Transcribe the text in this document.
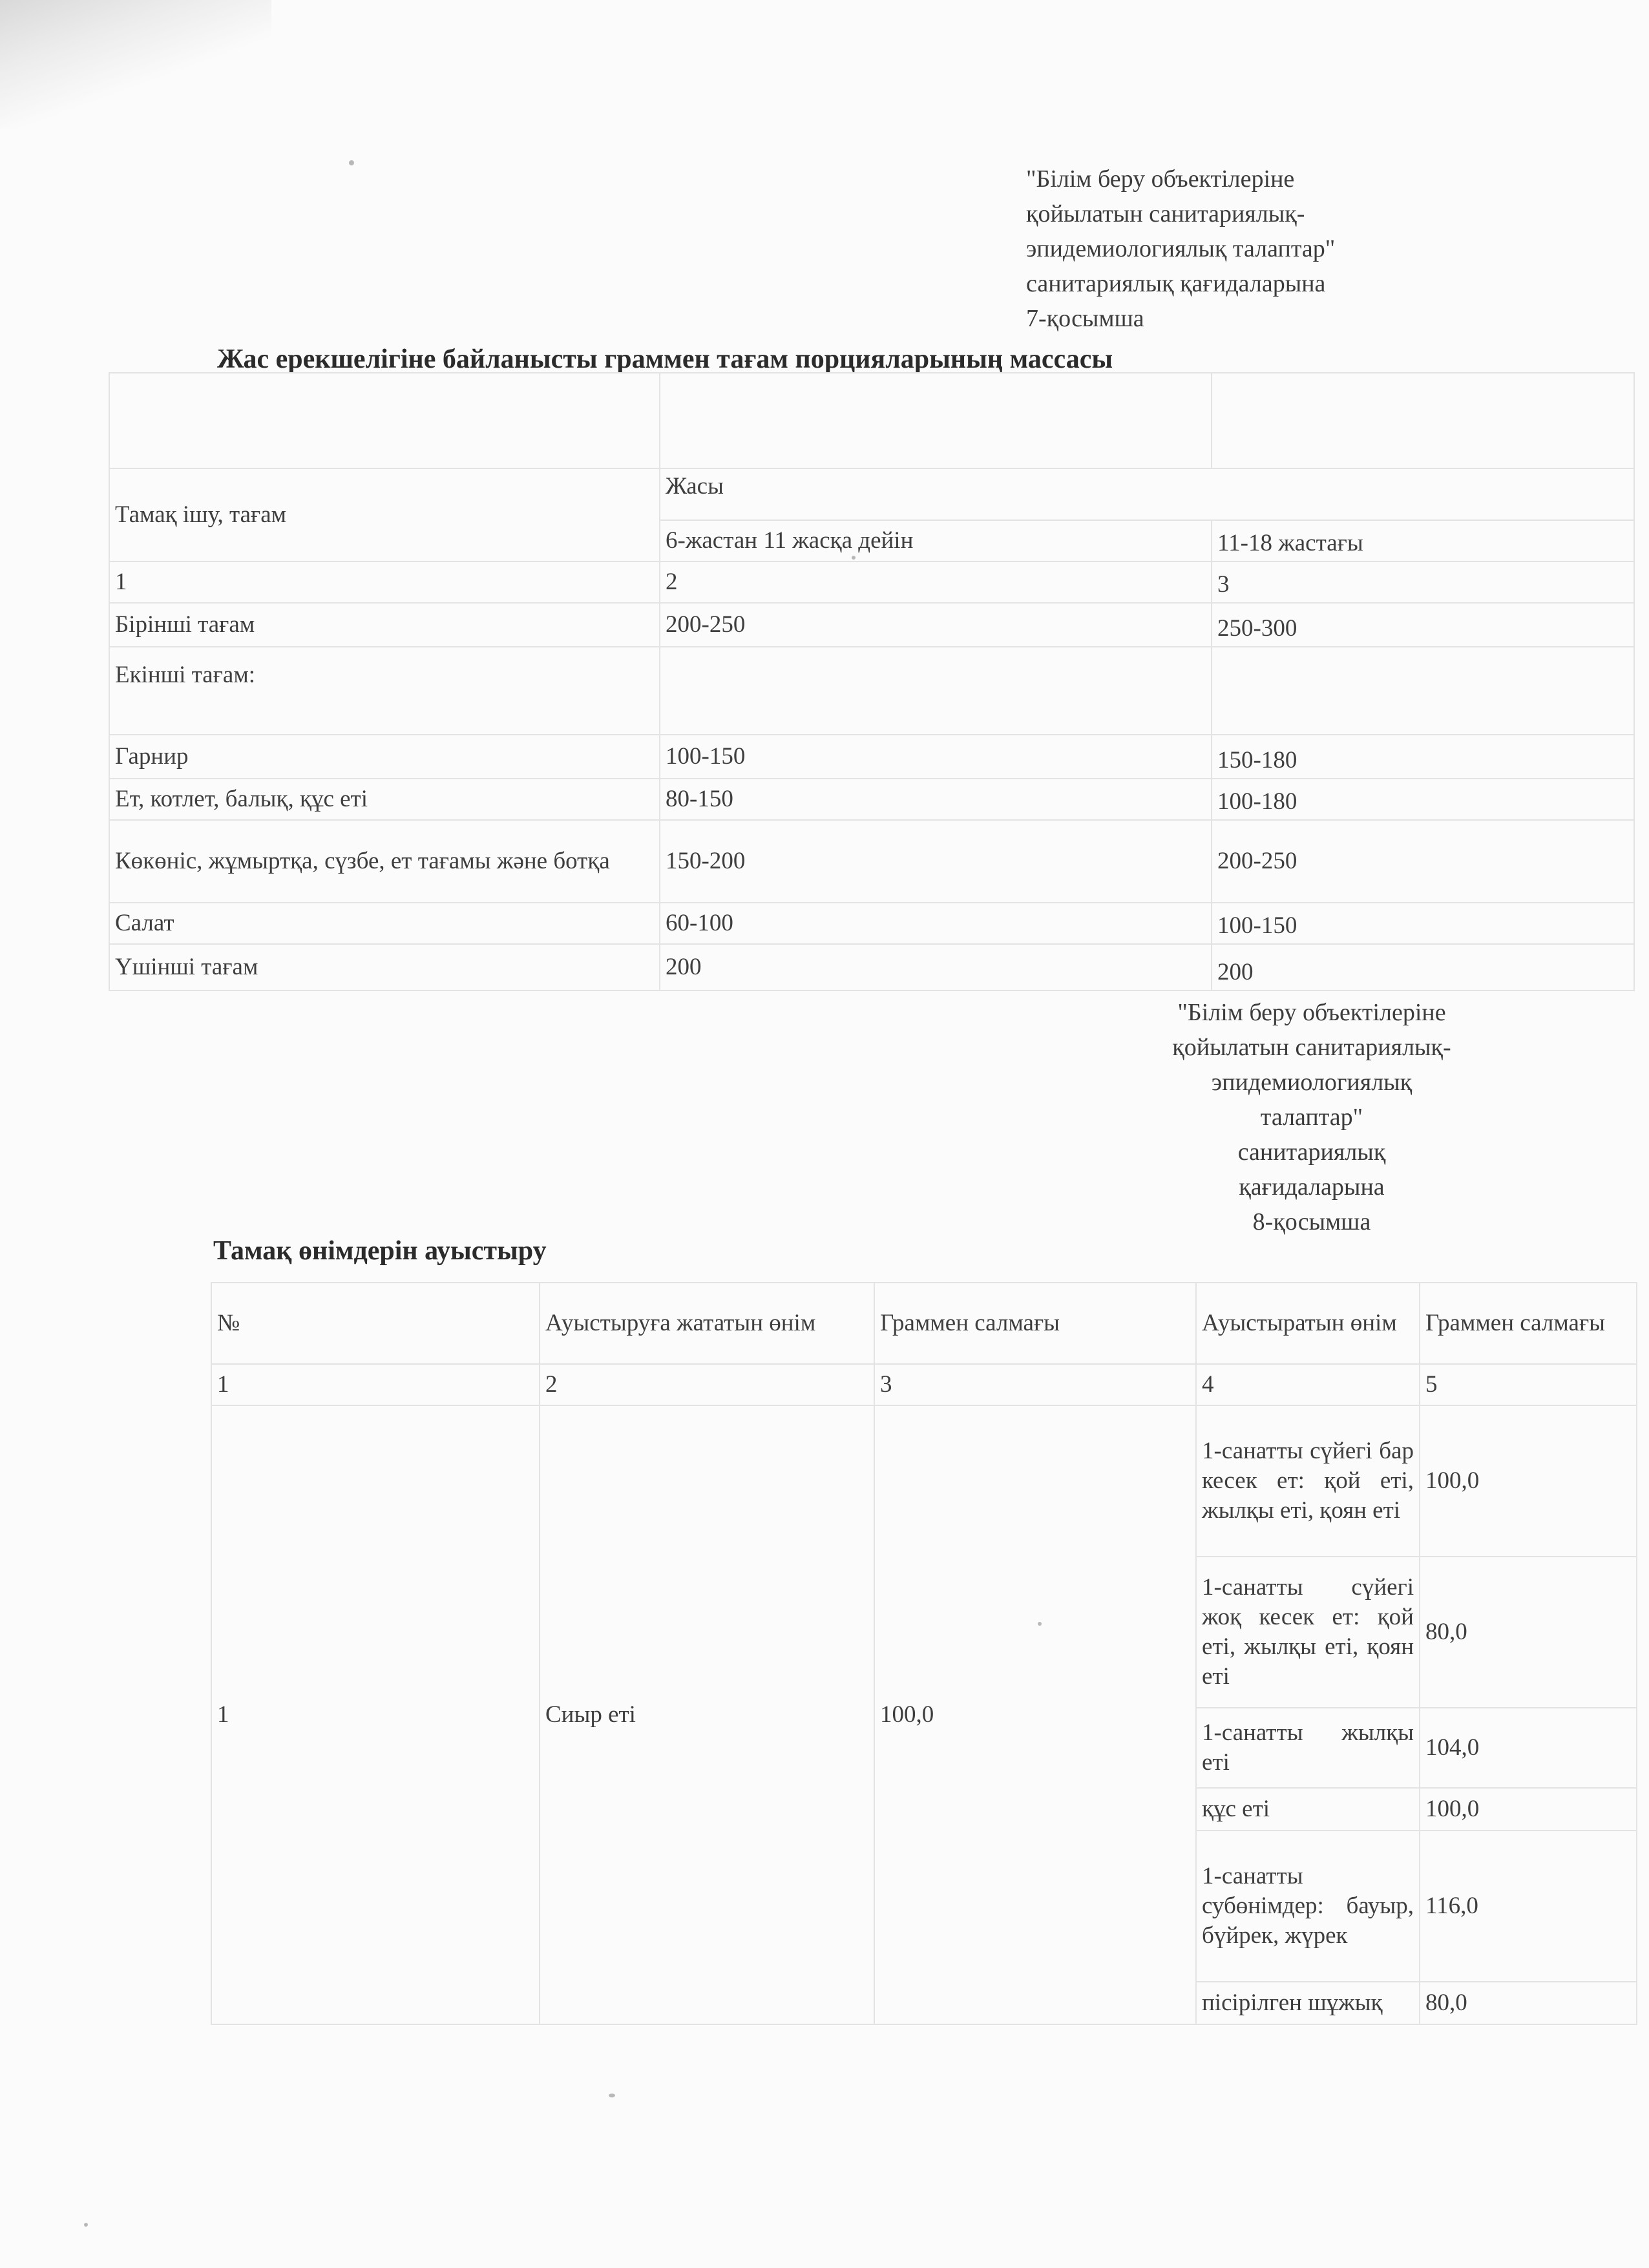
"Білім беру объектілеріне
қойылатын санитариялық-
эпидемиологиялық талаптар"
санитариялық қағидаларына
7-қосымша
Жас ерекшелігіне байланысты граммен тағам порцияларының массасы

Тамақ ішу, тағам	Жасы	
	6-жастан 11 жасқа дейін	11-18 жастағы
1	2	3
Бірінші тағам	200-250	250-300
Екінші тағам:		
Гарнир	100-150	150-180
Ет, котлет, балық, құс еті	80-150	100-180
Көкөніс, жұмыртқа, сүзбе, ет тағамы және ботқа	150-200	200-250
Салат	60-100	100-150
Үшінші тағам	200	200
"Білім беру объектілеріне
қойылатын санитариялық-
эпидемиологиялық
талаптар"
санитариялық
қағидаларына
8-қосымша
Тамақ өнімдерін ауыстыру
№	Ауыстыруға жататын өнім	Граммен салмағы	Ауыстыратын өнім	Граммен салмағы
1	2	3	4	5
1	Сиыр еті	100,0	1-санатты сүйегі бар кесек ет: қой еті, жылқы еті, қоян еті	100,0
			1-санатты сүйегі жоқ кесек ет: қой еті, жылқы еті, қоян еті	80,0
			1-санатты жылқы еті	104,0
			құс еті	100,0
			1-санатты субөнімдер: бауыр, бүйрек, жүрек	116,0
			пісірілген шұжық	80,0
